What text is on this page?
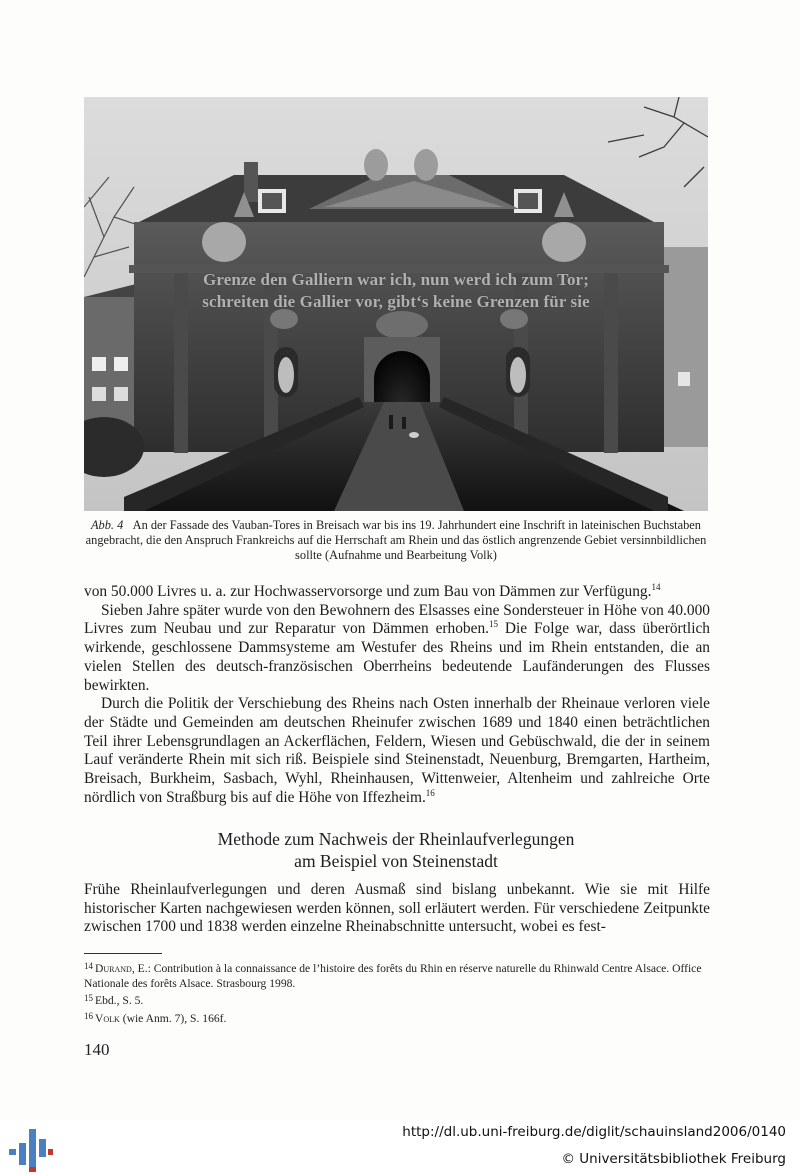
Grenze den Galliern war ich, nun werd ich zum Tor;
schreiten die Gallier vor, gibt‘s keine Grenzen für sie
Abb. 4 An der Fassade des Vauban-Tores in Breisach war bis ins 19. Jahrhundert eine Inschrift in lateinischen Buchstaben angebracht, die den Anspruch Frankreichs auf die Herrschaft am Rhein und das östlich angrenzende Gebiet versinnbildlichen sollte (Aufnahme und Bearbeitung Volk)

von 50.000 Livres u. a. zur Hochwasservorsorge und zum Bau von Dämmen zur Verfügung.$^{14}$

Sieben Jahre später wurde von den Bewohnern des Elsasses eine Sondersteuer in Höhe von 40.000 Livres zum Neubau und zur Reparatur von Dämmen erhoben.$^{15}$ Die Folge war, dass überörtlich wirkende, geschlossene Dammsysteme am Westufer des Rheins und im Rhein entstanden, die an vielen Stellen des deutsch-französischen Oberrheins bedeutende Laufänderungen des Flusses bewirkten.

Durch die Politik der Verschiebung des Rheins nach Osten innerhalb der Rheinaue verloren viele der Städte und Gemeinden am deutschen Rheinufer zwischen 1689 und 1840 einen beträchtlichen Teil ihrer Lebensgrundlagen an Ackerflächen, Feldern, Wiesen und Gebüschwald, die der in seinem Lauf veränderte Rhein mit sich riß. Beispiele sind Steinenstadt, Neuenburg, Bremgarten, Hartheim, Breisach, Burkheim, Sasbach, Wyhl, Rheinhausen, Wittenweier, Altenheim und zahlreiche Orte nördlich von Straßburg bis auf die Höhe von Iffezheim.$^{16}$

Methode zum Nachweis der Rheinlaufverlegungen
am Beispiel von Steinenstadt

Frühe Rheinlaufverlegungen und deren Ausmaß sind bislang unbekannt. Wie sie mit Hilfe historischer Karten nachgewiesen werden können, soll erläutert werden. Für verschiedene Zeitpunkte zwischen 1700 und 1838 werden einzelne Rheinabschnitte untersucht, wobei es fest-

$^{14}$ Durand, E.: Contribution à la connaissance de l’histoire des forêts du Rhin en réserve naturelle du Rhinwald Centre Alsace. Office Nationale des forêts Alsace. Strasbourg 1998.

$^{15}$ Ebd., S. 5.

$^{16}$ Volk (wie Anm. 7), S. 166f.

140
http://dl.ub.uni-freiburg.de/diglit/schauinsland2006/0140
© Universitätsbibliothek Freiburg
